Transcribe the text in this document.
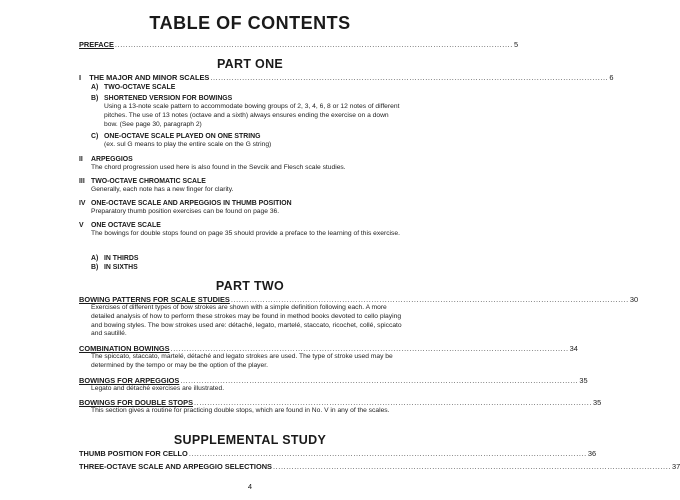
TABLE OF CONTENTS
PREFACE ...................................................................................................................................................... 5
PART ONE
I THE MAJOR AND MINOR SCALES ...................................................................................................................................................... 6
A) TWO-OCTAVE SCALE
B) SHORTENED VERSION FOR BOWINGS
Using a 13-note scale pattern to accommodate bowing groups of 2, 3, 4, 6, 8 or 12 notes of different pitches. The use of 13 notes (octave and a sixth) always ensures ending the exercise on a down bow. (See page 30, paragraph 2)
C) ONE-OCTAVE SCALE PLAYED ON ONE STRING
(ex. sul G means to play the entire scale on the G string)
II ARPEGGIOS
The chord progression used here is also found in the Sevcik and Flesch scale studies.
III TWO-OCTAVE CHROMATIC SCALE
Generally, each note has a new finger for clarity.
IV ONE-OCTAVE SCALE AND ARPEGGIOS IN THUMB POSITION
Preparatory thumb position exercises can be found on page 36.
V ONE OCTAVE SCALE
The bowings for double stops found on page 35 should provide a preface to the learning of this exercise.
A) IN THIRDS
B) IN SIXTHS
PART TWO
BOWING PATTERNS FOR SCALE STUDIES ...................................................................................................................................................... 30
Exercises of different types of bow strokes are shown with a simple definition following each. A more detailed analysis of how to perform these strokes may be found in method books devoted to cello playing and bowing styles. The bow strokes used are: détaché, legato, martelé, staccato, ricochet, collé, spiccato and sautillé.
COMBINATION BOWINGS ...................................................................................................................................................... 34
The spiccato, staccato, martelé, détaché and legato strokes are used. The type of stroke used may be determined by the tempo or may be the option of the player.
BOWINGS FOR ARPEGGIOS ...................................................................................................................................................... 35
Legato and détaché exercises are illustrated.
BOWINGS FOR DOUBLE STOPS ...................................................................................................................................................... 35
This section gives a routine for practicing double stops, which are found in No. V in any of the scales.
SUPPLEMENTAL STUDY
THUMB POSITION FOR CELLO ...................................................................................................................................................... 36
THREE-OCTAVE SCALE AND ARPEGGIO SELECTIONS ...................................................................................................................................................... 37
4
